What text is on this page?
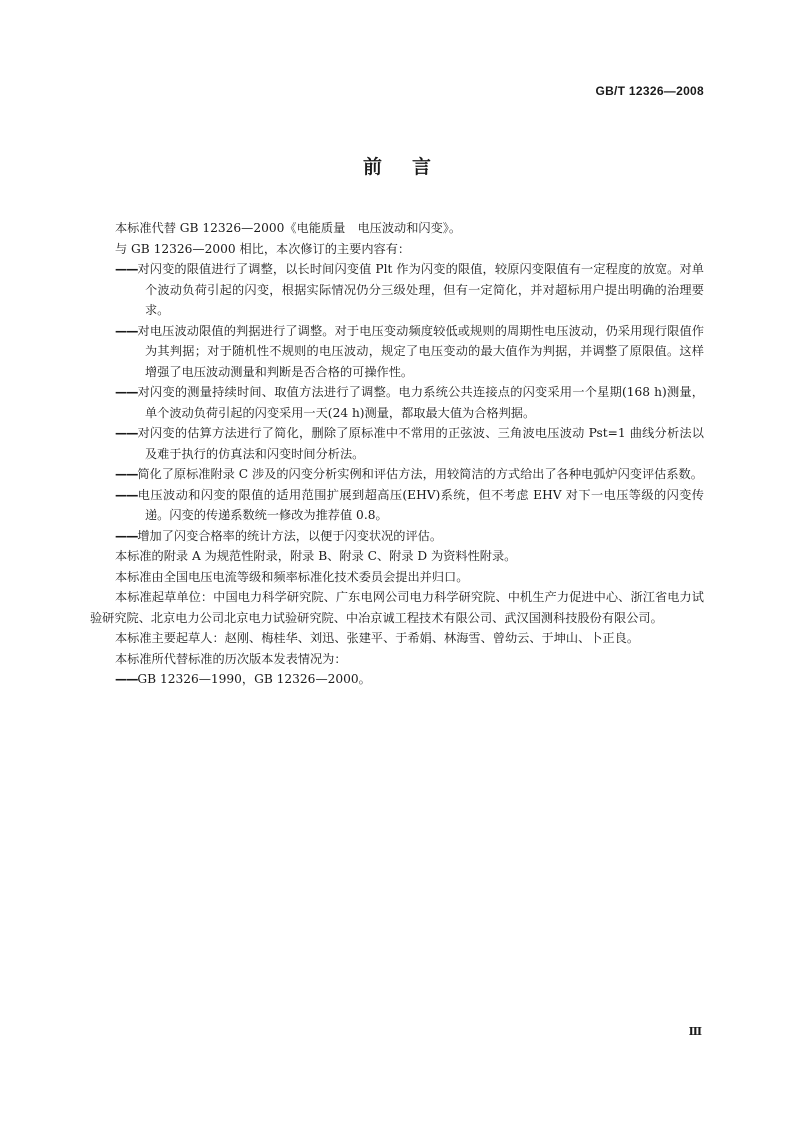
GB/T 12326—2008
前言

本标准代替 GB 12326—2000《电能质量　电压波动和闪变》。

与 GB 12326—2000 相比，本次修订的主要内容有：

——对闪变的限值进行了调整，以长时间闪变值 Plt 作为闪变的限值，较原闪变限值有一定程度的放宽。对单个波动负荷引起的闪变，根据实际情况仍分三级处理，但有一定简化，并对超标用户提出明确的治理要求。

——对电压波动限值的判据进行了调整。对于电压变动频度较低或规则的周期性电压波动，仍采用现行限值作为其判据；对于随机性不规则的电压波动，规定了电压变动的最大值作为判据，并调整了原限值。这样增强了电压波动测量和判断是否合格的可操作性。

——对闪变的测量持续时间、取值方法进行了调整。电力系统公共连接点的闪变采用一个星期(168 h)测量，单个波动负荷引起的闪变采用一天(24 h)测量，都取最大值为合格判据。

——对闪变的估算方法进行了简化，删除了原标准中不常用的正弦波、三角波电压波动 Pst=1 曲线分析法以及难于执行的仿真法和闪变时间分析法。

——简化了原标准附录 C 涉及的闪变分析实例和评估方法，用较简洁的方式给出了各种电弧炉闪变评估系数。

——电压波动和闪变的限值的适用范围扩展到超高压(EHV)系统，但不考虑 EHV 对下一电压等级的闪变传递。闪变的传递系数统一修改为推荐值 0.8。

——增加了闪变合格率的统计方法，以便于闪变状况的评估。

本标准的附录 A 为规范性附录，附录 B、附录 C、附录 D 为资料性附录。

本标准由全国电压电流等级和频率标准化技术委员会提出并归口。

本标准起草单位：中国电力科学研究院、广东电网公司电力科学研究院、中机生产力促进中心、浙江省电力试验研究院、北京电力公司北京电力试验研究院、中冶京诚工程技术有限公司、武汉国测科技股份有限公司。

本标准主要起草人：赵刚、梅桂华、刘迅、张建平、于希娟、林海雪、曾幼云、于坤山、卜正良。

本标准所代替标准的历次版本发表情况为：

——GB 12326—1990，GB 12326—2000。

Ⅲ
